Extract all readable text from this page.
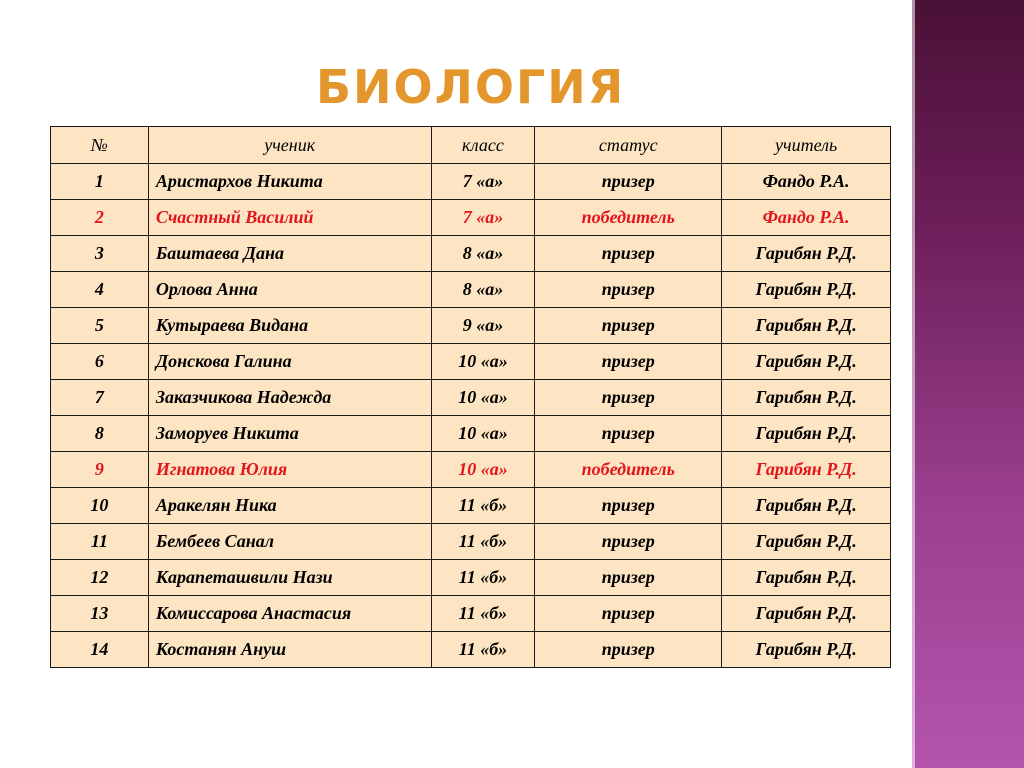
БИОЛОГИЯ
№	ученик	класс	статус	учитель
1	Аристархов Никита	7 «а»	призер	Фандо Р.А.
2	Счастный Василий	7 «а»	победитель	Фандо Р.А.
3	Баштаева Дана	8 «а»	призер	Гарибян Р.Д.
4	Орлова Анна	8 «а»	призер	Гарибян Р.Д.
5	Кутыраева Видана	9 «а»	призер	Гарибян Р.Д.
6	Донскова Галина	10 «а»	призер	Гарибян Р.Д.
7	Заказчикова Надежда	10 «а»	призер	Гарибян Р.Д.
8	Заморуев Никита	10 «а»	призер	Гарибян Р.Д.
9	Игнатова Юлия	10 «а»	победитель	Гарибян Р.Д.
10	Аракелян Ника	11 «б»	призер	Гарибян Р.Д.
11	Бембеев Санал	11 «б»	призер	Гарибян Р.Д.
12	Карапеташвили Нази	11 «б»	призер	Гарибян Р.Д.
13	Комиссарова Анастасия	11 «б»	призер	Гарибян Р.Д.
14	Костанян Ануш	11 «б»	призер	Гарибян Р.Д.
